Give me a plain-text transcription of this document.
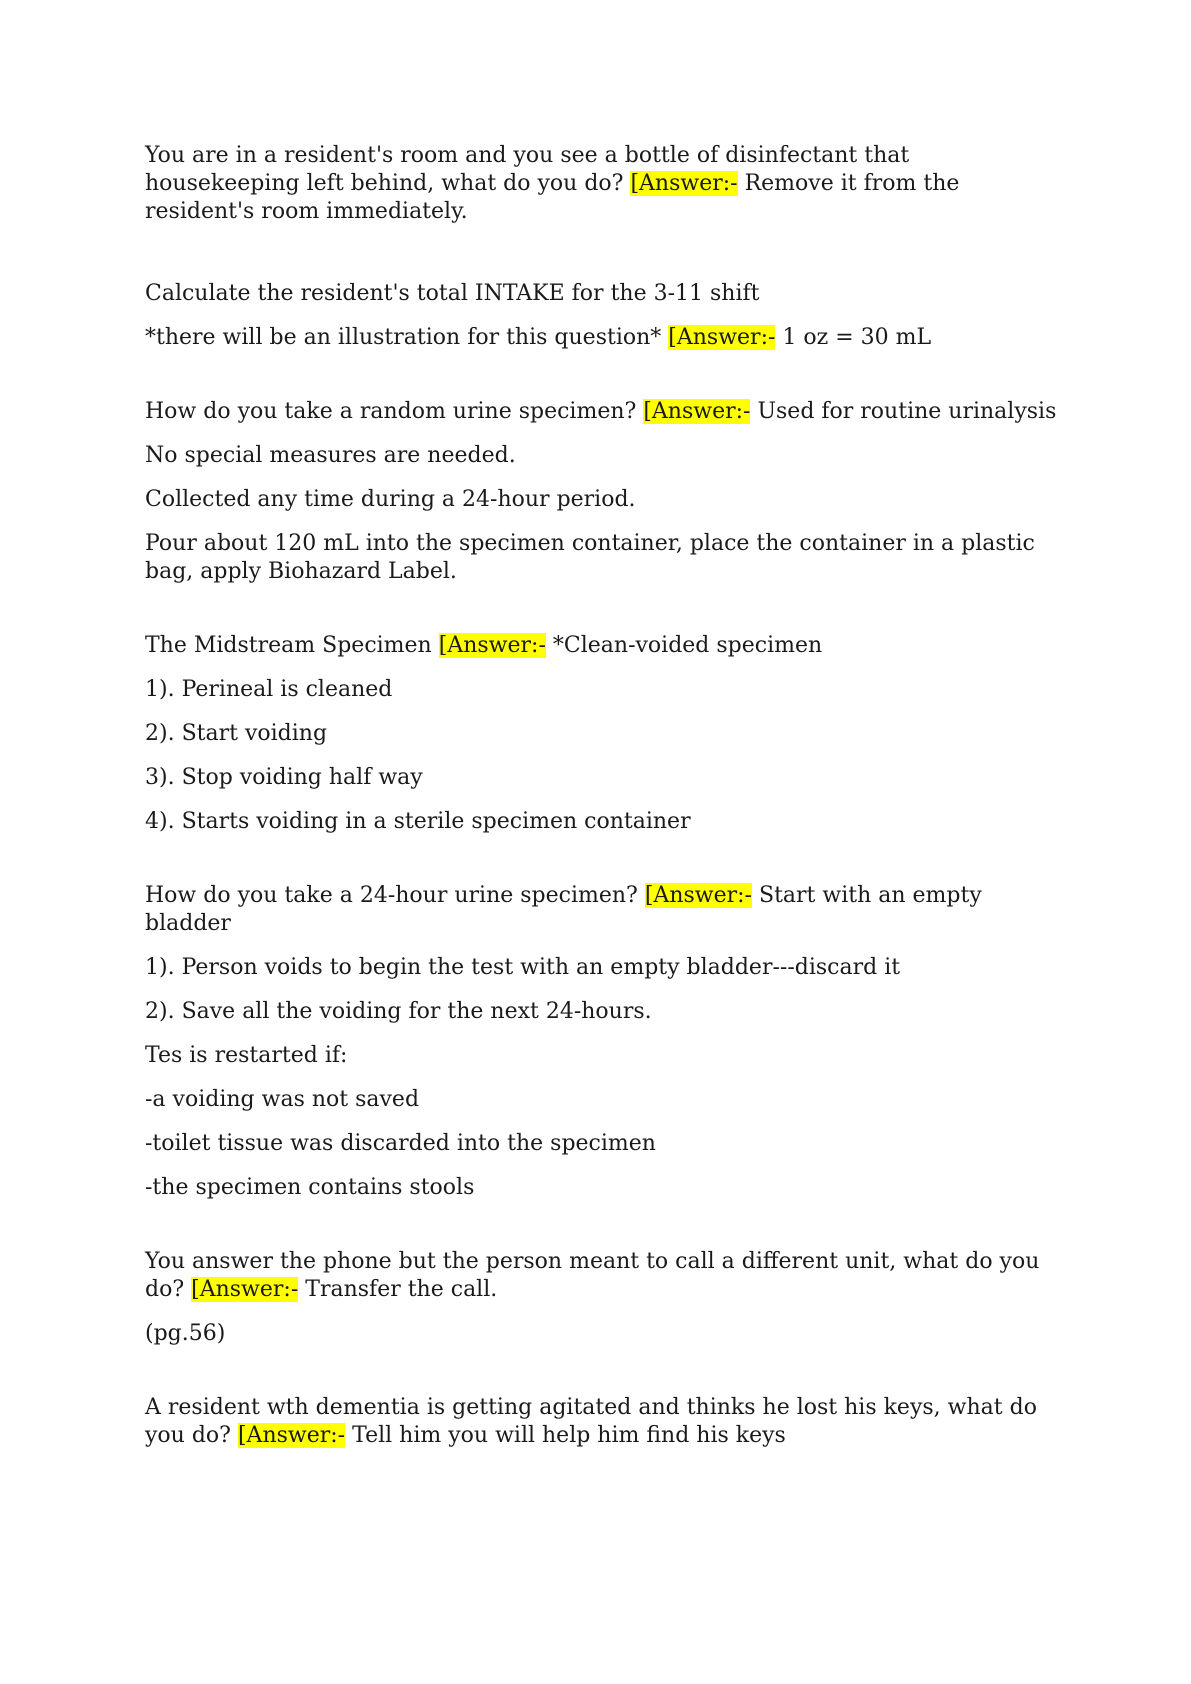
You are in a resident's room and you see a bottle of disinfectant that housekeeping left behind, what do you do? [Answer:- Remove it from the resident's room immediately.

Calculate the resident's total INTAKE for the 3-11 shift

*there will be an illustration for this question* [Answer:- 1 oz = 30 mL

How do you take a random urine specimen? [Answer:- Used for routine urinalysis

No special measures are needed.

Collected any time during a 24-hour period.

Pour about 120 mL into the specimen container, place the container in a plastic bag, apply Biohazard Label.

The Midstream Specimen [Answer:- *Clean-voided specimen

1). Perineal is cleaned

2). Start voiding

3). Stop voiding half way

4). Starts voiding in a sterile specimen container

How do you take a 24-hour urine specimen? [Answer:- Start with an empty bladder

1). Person voids to begin the test with an empty bladder---discard it

2). Save all the voiding for the next 24-hours.

Tes is restarted if:

-a voiding was not saved

-toilet tissue was discarded into the specimen

-the specimen contains stools

You answer the phone but the person meant to call a different unit, what do you do? [Answer:- Transfer the call.

(pg.56)

A resident wth dementia is getting agitated and thinks he lost his keys, what do you do? [Answer:- Tell him you will help him find his keys
